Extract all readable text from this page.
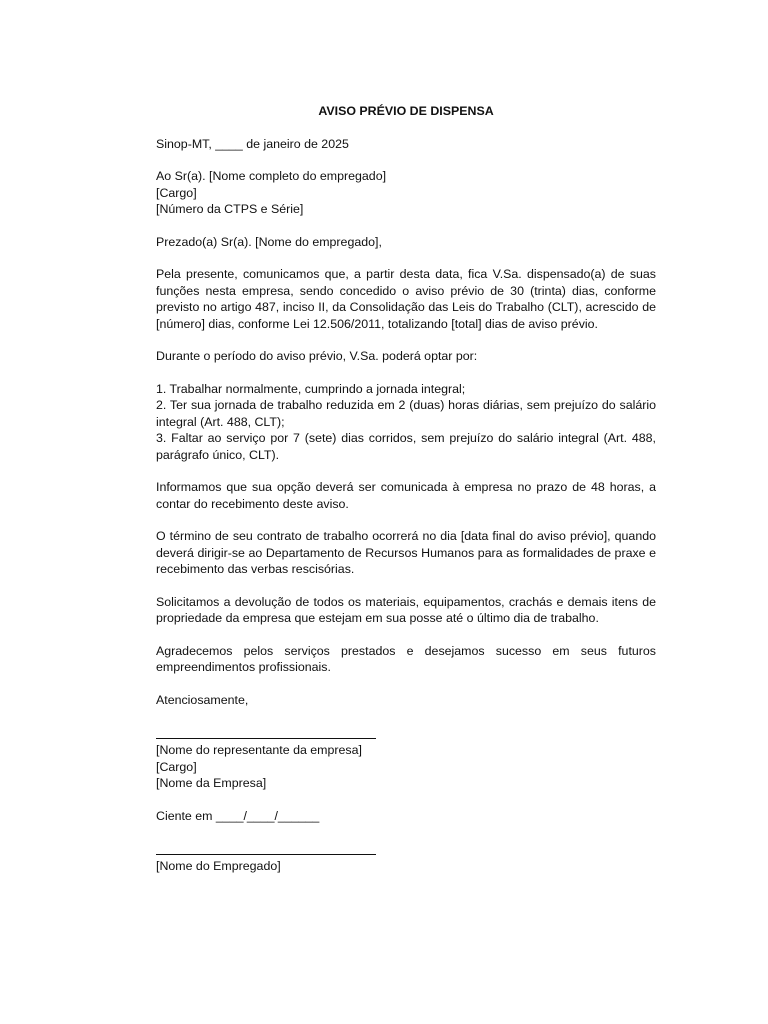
AVISO PRÉVIO DE DISPENSA
Sinop-MT, ____ de janeiro de 2025
Ao Sr(a). [Nome completo do empregado]
[Cargo]
[Número da CTPS e Série]
Prezado(a) Sr(a). [Nome do empregado],
Pela presente, comunicamos que, a partir desta data, fica V.Sa. dispensado(a) de suas funções nesta empresa, sendo concedido o aviso prévio de 30 (trinta) dias, conforme previsto no artigo 487, inciso II, da Consolidação das Leis do Trabalho (CLT), acrescido de [número] dias, conforme Lei 12.506/2011, totalizando [total] dias de aviso prévio.
Durante o período do aviso prévio, V.Sa. poderá optar por:
1. Trabalhar normalmente, cumprindo a jornada integral;
2. Ter sua jornada de trabalho reduzida em 2 (duas) horas diárias, sem prejuízo do salário integral (Art. 488, CLT);
3. Faltar ao serviço por 7 (sete) dias corridos, sem prejuízo do salário integral (Art. 488, parágrafo único, CLT).
Informamos que sua opção deverá ser comunicada à empresa no prazo de 48 horas, a contar do recebimento deste aviso.
O término de seu contrato de trabalho ocorrerá no dia [data final do aviso prévio], quando deverá dirigir-se ao Departamento de Recursos Humanos para as formalidades de praxe e recebimento das verbas rescisórias.
Solicitamos a devolução de todos os materiais, equipamentos, crachás e demais itens de propriedade da empresa que estejam em sua posse até o último dia de trabalho.
Agradecemos pelos serviços prestados e desejamos sucesso em seus futuros empreendimentos profissionais.
Atenciosamente,
[Nome do representante da empresa]
[Cargo]
[Nome da Empresa]
Ciente em ____/____/______
[Nome do Empregado]
